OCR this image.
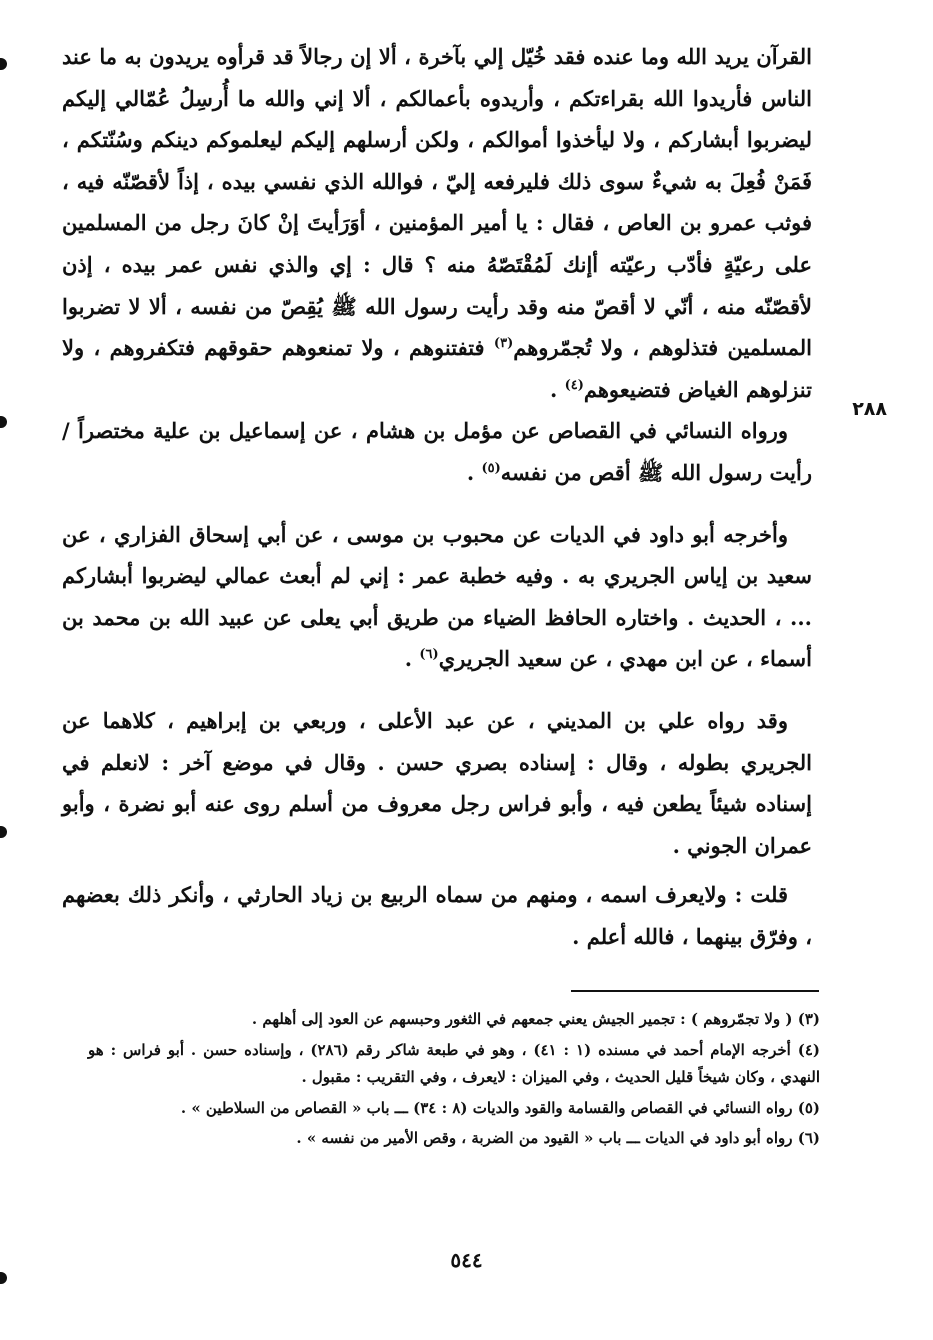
٢٨٨

القرآن يريد الله وما عنده فقد خُيّل إلي بآخرة ، ألا إن رجالاً قد قرأوه يريدون به ما عند الناس فأريدوا الله بقراءتكم ، وأريدوه بأعمالكم ، ألا إني والله ما أُرسِلُ عُمّالي إليكم ليضربوا أبشاركم ، ولا ليأخذوا أموالكم ، ولكن أرسلهم إليكم ليعلموكم دينكم وسُنّتكم ، فَمَنْ فُعِلَ به شيءٌ سوى ذلك فليرفعه إليّ ، فوالله الذي نفسي بيده ، إذاً لأقصّنّه فيه ، فوثب عمرو بن العاص ، فقال : يا أمير المؤمنين ، أوَرَأيتَ إنْ كانَ رجل من المسلمين على رعيّةٍ فأدّب رعيّته أإنك لَمُقْتَصّهُ منه ؟ قال : إي والذي نفس عمر بيده ، إذن لأقصّنّه منه ، أنّي لا أقصّ منه وقد رأيت رسول الله ﷺ يُقِصّ من نفسه ، ألا لا تضربوا المسلمين فتذلوهم ، ولا تُجمّروهم$^{(٣)}$ فتفتنوهم ، ولا تمنعوهم حقوقهم فتكفروهم ، ولا تنزلوهم الغياض فتضيعوهم$^{(٤)}$ .

ورواه النسائي في القصاص عن مؤمل بن هشام ، عن إسماعيل بن علية مختصراً / رأيت رسول الله ﷺ أقص من نفسه$^{(٥)}$ .

وأخرجه أبو داود في الديات عن محبوب بن موسى ، عن أبي إسحاق الفزاري ، عن سعيد بن إياس الجريري به . وفيه خطبة عمر : إني لم أبعث عمالي ليضربوا أبشاركم ... ، الحديث . واختاره الحافظ الضياء من طريق أبي يعلى عن عبيد الله بن محمد بن أسماء ، عن ابن مهدي ، عن سعيد الجريري$^{(٦)}$ .

وقد رواه علي بن المديني ، عن عبد الأعلى ، وربعي بن إبراهيم ، كلاهما عن الجريري بطوله ، وقال : إسناده بصري حسن . وقال في موضع آخر : لانعلم في إسناده شيئاً يطعن فيه ، وأبو فراس رجل معروف من أسلم روى عنه أبو نضرة ، وأبو عمران الجوني .

قلت : ولايعرف اسمه ، ومنهم من سماه الربيع بن زياد الحارثي ، وأنكر ذلك بعضهم ، وفرّق بينهما ، فالله أعلم .

(٣) ( ولا تجمّروهم ) : تجمير الجيش يعني جمعهم في الثغور وحبسهم عن العود إلى أهلهم .

(٤) أخرجه الإمام أحمد في مسنده (١ : ٤١) ، وهو في طبعة شاكر رقم (٢٨٦) ، وإسناده حسن . أبو فراس : هو النهدي ، وكان شيخاً قليل الحديث ، وفي الميزان : لايعرف ، وفي التقريب : مقبول .

(٥) رواه النسائي في القصاص والقسامة والقود والديات (٨ : ٣٤) ـــ باب « القصاص من السلاطين » .

(٦) رواه أبو داود في الديات ـــ باب « القيود من الضربة ، وقص الأمير من نفسه » .

٥٤٤
